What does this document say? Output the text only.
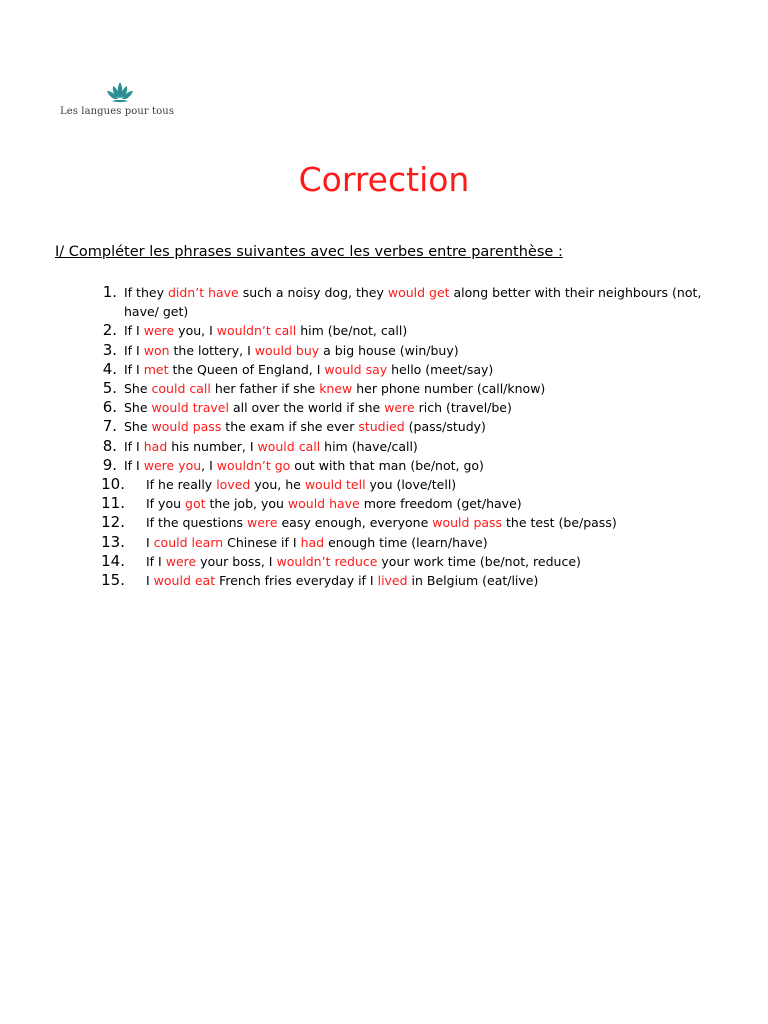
Les langues pour tous
Correction
I/ Compléter les phrases suivantes avec les verbes entre parenthèse :
1. If they didn’t have such a noisy dog, they would get along better with their neighbours (not, have/ get)
2. If I were you, I wouldn’t call him (be/not, call)
3. If I won the lottery, I would buy a big house (win/buy)
4. If I met the Queen of England, I would say hello (meet/say)
5. She could call her father if she knew her phone number (call/know)
6. She would travel all over the world if she were rich (travel/be)
7. She would pass the exam if she ever studied (pass/study)
8. If I had his number, I would call him (have/call)
9. If I were you, I wouldn’t go out with that man (be/not, go)
10. If he really loved you, he would tell you (love/tell)
11. If you got the job, you would have more freedom (get/have)
12. If the questions were easy enough, everyone would pass the test (be/pass)
13. I could learn Chinese if I had enough time (learn/have)
14. If I were your boss, I wouldn’t reduce your work time (be/not, reduce)
15. I would eat French fries everyday if I lived in Belgium (eat/live)
